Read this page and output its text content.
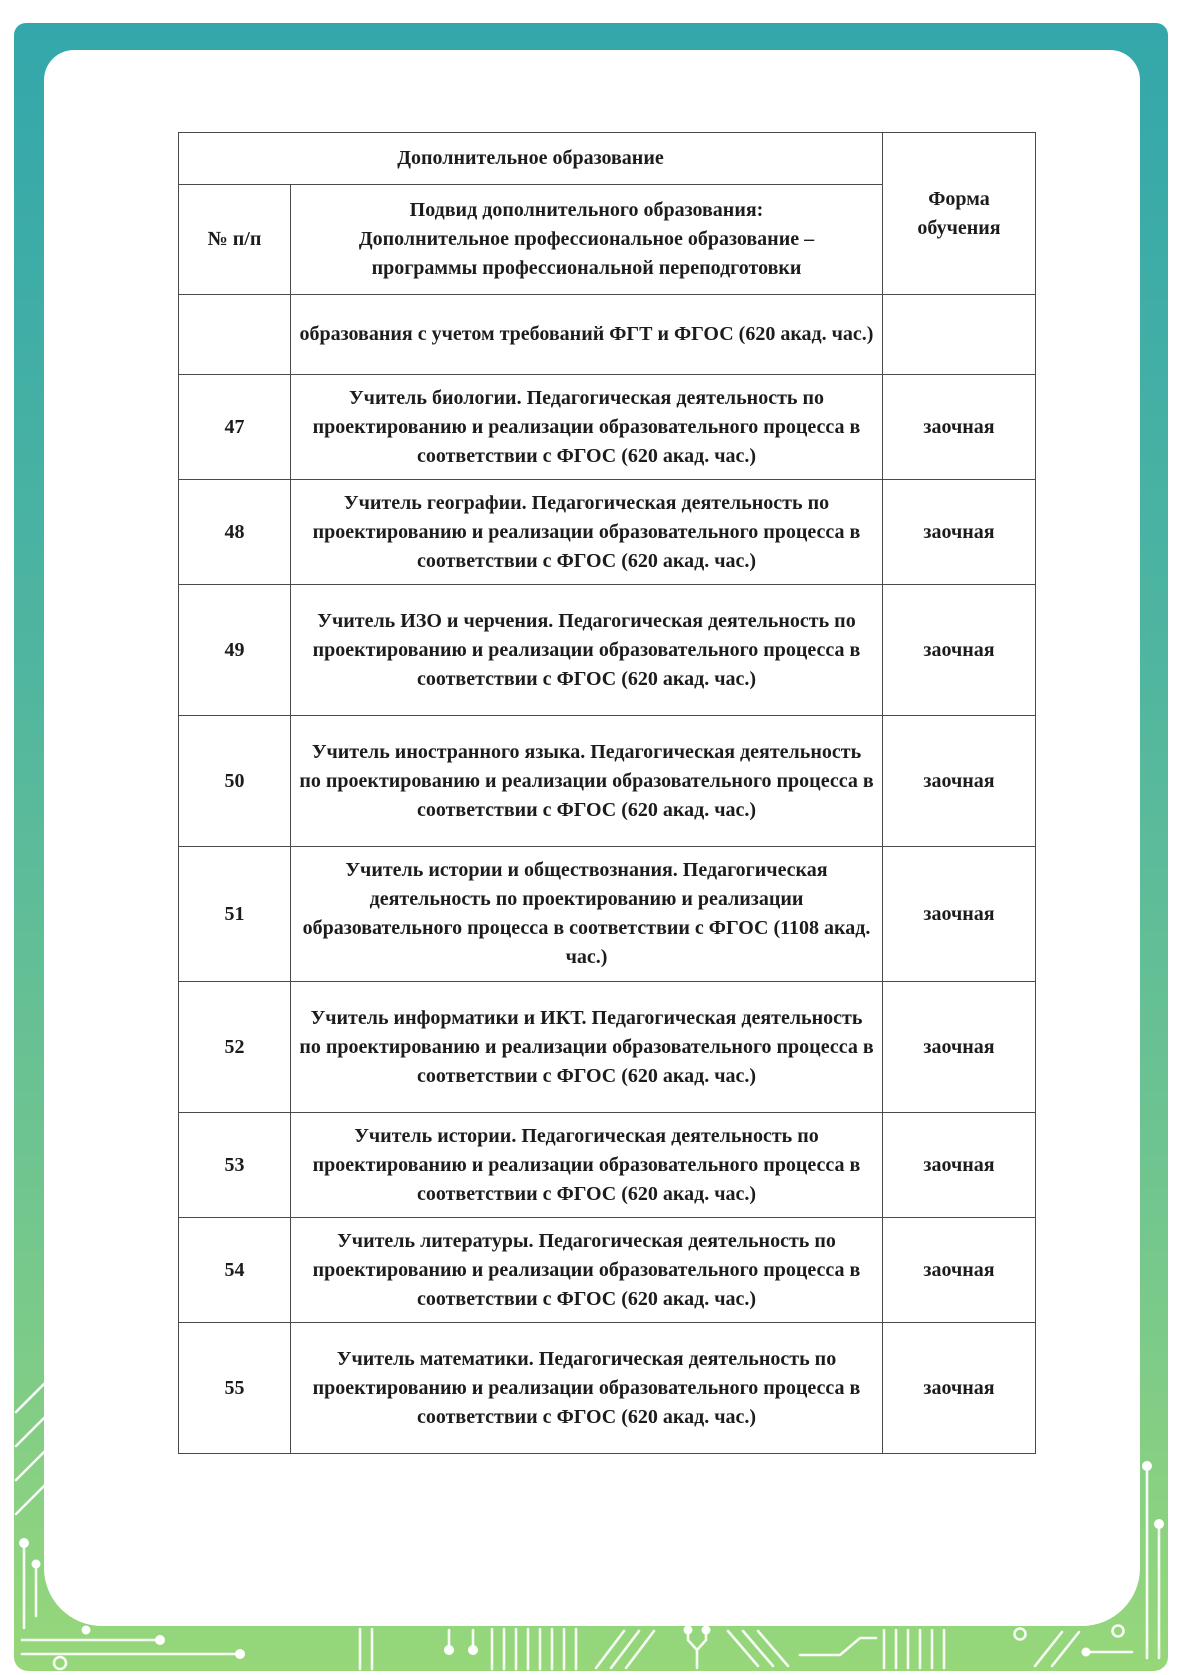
Дополнительное образование		Форма обучения
№ п/п	Подвид дополнительного образования:
Дополнительное профессиональное образование –
программы профессиональной переподготовки	

	образования с учетом требований ФГТ и ФГОС (620 акад. час.)	
47	Учитель биологии. Педагогическая деятельность по проектированию и реализации образовательного процесса в соответствии с ФГОС (620 акад. час.)	заочная
48	Учитель географии. Педагогическая деятельность по проектированию и реализации образовательного процесса в соответствии с ФГОС (620 акад. час.)	заочная
49	Учитель ИЗО и черчения. Педагогическая деятельность по проектированию и реализации образовательного процесса в соответствии с ФГОС (620 акад. час.)	заочная
50	Учитель иностранного языка. Педагогическая деятельность по проектированию и реализации образовательного процесса в соответствии с ФГОС (620 акад. час.)	заочная
51	Учитель истории и обществознания. Педагогическая деятельность по проектированию и реализации образовательного процесса в соответствии с ФГОС (1108 акад. час.)	заочная
52	Учитель информатики и ИКТ. Педагогическая деятельность по проектированию и реализации образовательного процесса в соответствии с ФГОС (620 акад. час.)	заочная
53	Учитель истории. Педагогическая деятельность по проектированию и реализации образовательного процесса в соответствии с ФГОС (620 акад. час.)	заочная
54	Учитель литературы. Педагогическая деятельность по проектированию и реализации образовательного процесса в соответствии с ФГОС (620 акад. час.)	заочная
55	Учитель математики. Педагогическая деятельность по проектированию и реализации образовательного процесса в соответствии с ФГОС (620 акад. час.)	заочная
